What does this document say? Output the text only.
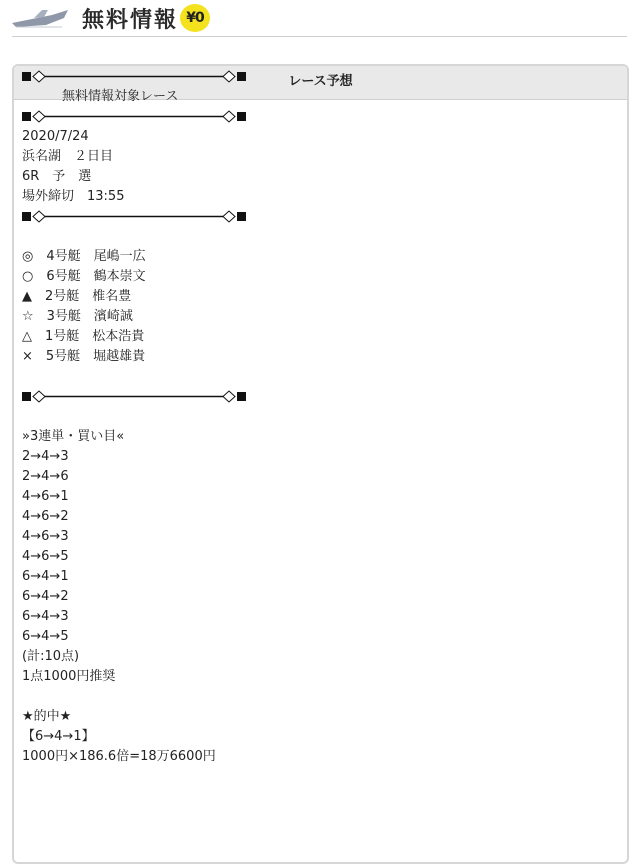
無料情報 ¥0
レース予想
無料情報対象レース
2020/7/24
浜名湖　２日目
6R　予　選
場外締切　13:55
◎　4号艇　尾嶋一広
○　6号艇　鶴本崇文
▲　2号艇　椎名豊
☆　3号艇　濱崎誠
△　1号艇　松本浩貴
×　5号艇　堀越雄貴
»3連単・買い目«
2→4→3
2→4→6
4→6→1
4→6→2
4→6→3
4→6→5
6→4→1
6→4→2
6→4→3
6→4→5
(計:10点)
1点1000円推奨
★的中★
【6→4→1】
1000円×186.6倍=18万6600円
